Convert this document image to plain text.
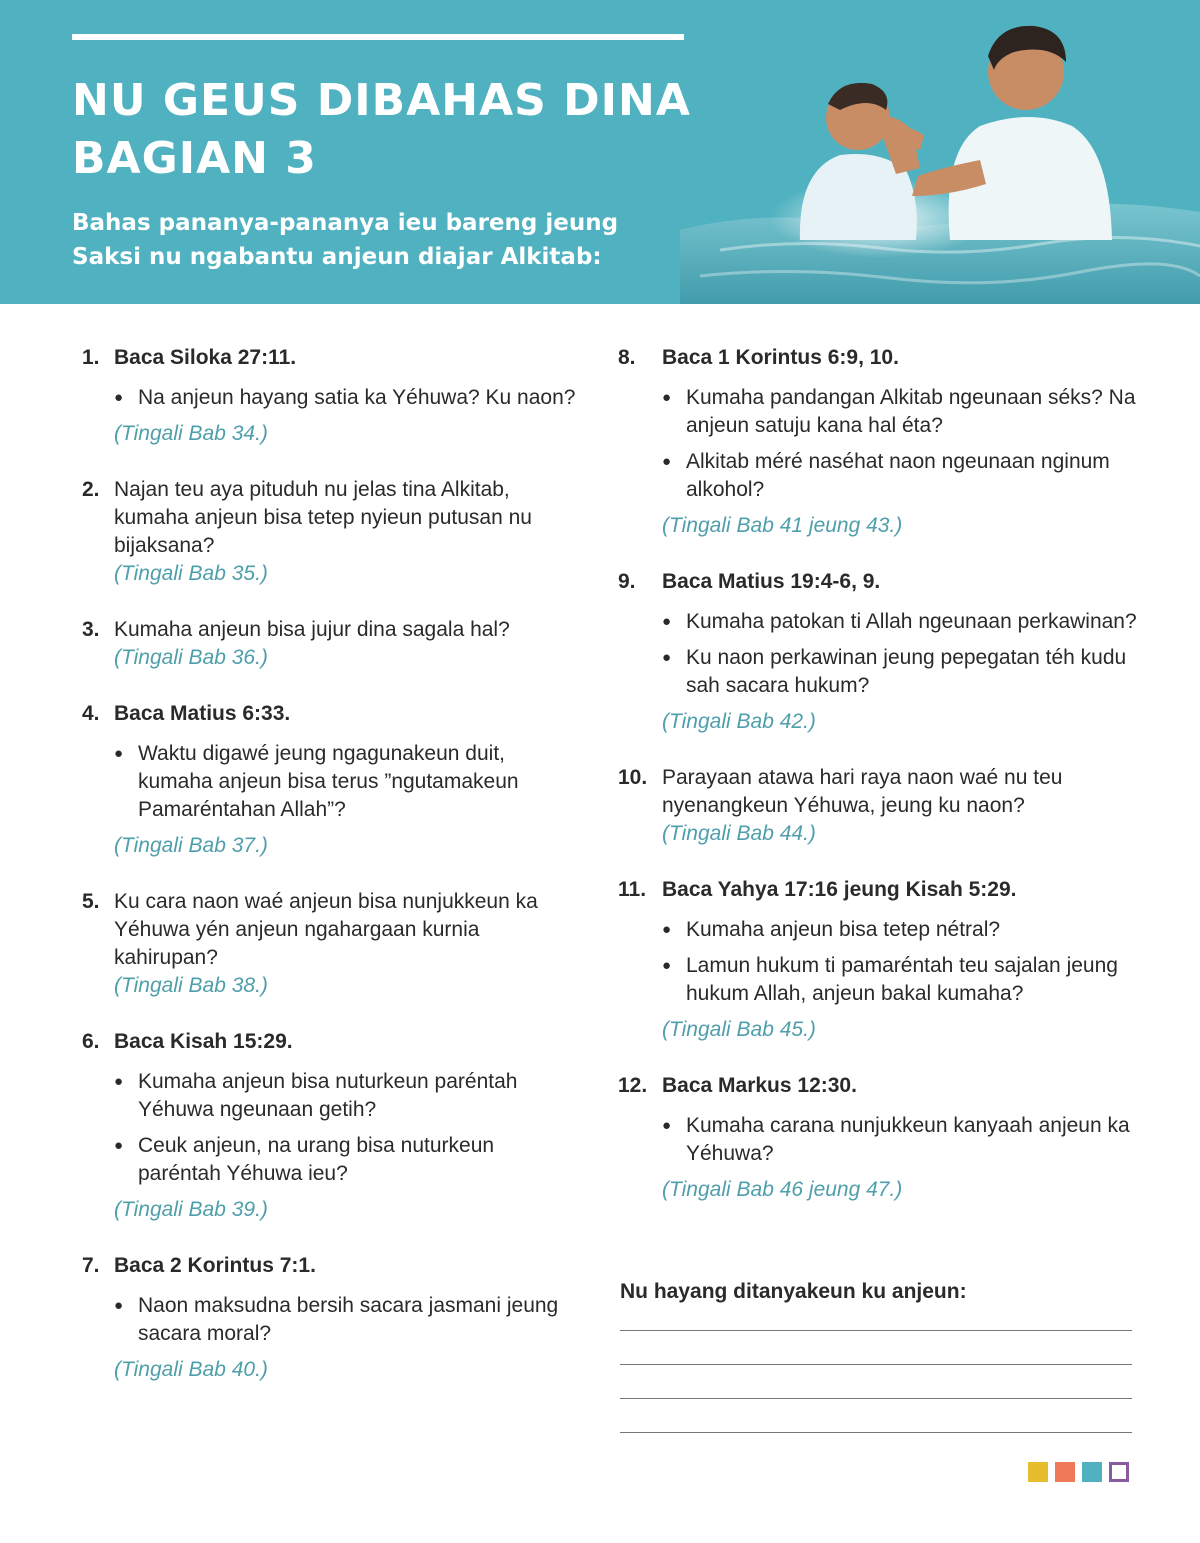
NU GEUS DIBAHAS DINA
BAGIAN 3
Bahas pananya-pananya ieu bareng jeung
Saksi nu ngabantu anjeun diajar Alkitab:
1. Baca Siloka 27:11.
● Na anjeun hayang satia ka Yéhuwa? Ku naon?
(Tingali Bab 34.)
2. Najan teu aya pituduh nu jelas tina Alkitab, kumaha anjeun bisa tetep nyieun putusan nu bijaksana?
(Tingali Bab 35.)
3. Kumaha anjeun bisa jujur dina sagala hal?
(Tingali Bab 36.)
4. Baca Matius 6:33.
● Waktu digawé jeung ngagunakeun duit, kumaha anjeun bisa terus ”ngutamakeun Pamaréntahan Allah”?
(Tingali Bab 37.)
5. Ku cara naon waé anjeun bisa nunjukkeun ka Yéhuwa yén anjeun ngahargaan kurnia kahirupan?
(Tingali Bab 38.)
6. Baca Kisah 15:29.
● Kumaha anjeun bisa nuturkeun paréntah Yéhuwa ngeunaan getih?
● Ceuk anjeun, na urang bisa nuturkeun paréntah Yéhuwa ieu?
(Tingali Bab 39.)
7. Baca 2 Korintus 7:1.
● Naon maksudna bersih sacara jasmani jeung sacara moral?
(Tingali Bab 40.)
8. Baca 1 Korintus 6:9, 10.
● Kumaha pandangan Alkitab ngeunaan séks? Na anjeun satuju kana hal éta?
● Alkitab méré naséhat naon ngeunaan nginum alkohol?
(Tingali Bab 41 jeung 43.)
9. Baca Matius 19:4-6, 9.
● Kumaha patokan ti Allah ngeunaan perkawinan?
● Ku naon perkawinan jeung pepegatan téh kudu sah sacara hukum?
(Tingali Bab 42.)
10. Parayaan atawa hari raya naon waé nu teu nyenangkeun Yéhuwa, jeung ku naon?
(Tingali Bab 44.)
11. Baca Yahya 17:16 jeung Kisah 5:29.
● Kumaha anjeun bisa tetep nétral?
● Lamun hukum ti pamaréntah teu sajalan jeung hukum Allah, anjeun bakal kumaha?
(Tingali Bab 45.)
12. Baca Markus 12:30.
● Kumaha carana nunjukkeun kanyaah anjeun ka Yéhuwa?
(Tingali Bab 46 jeung 47.)
Nu hayang ditanyakeun ku anjeun:
